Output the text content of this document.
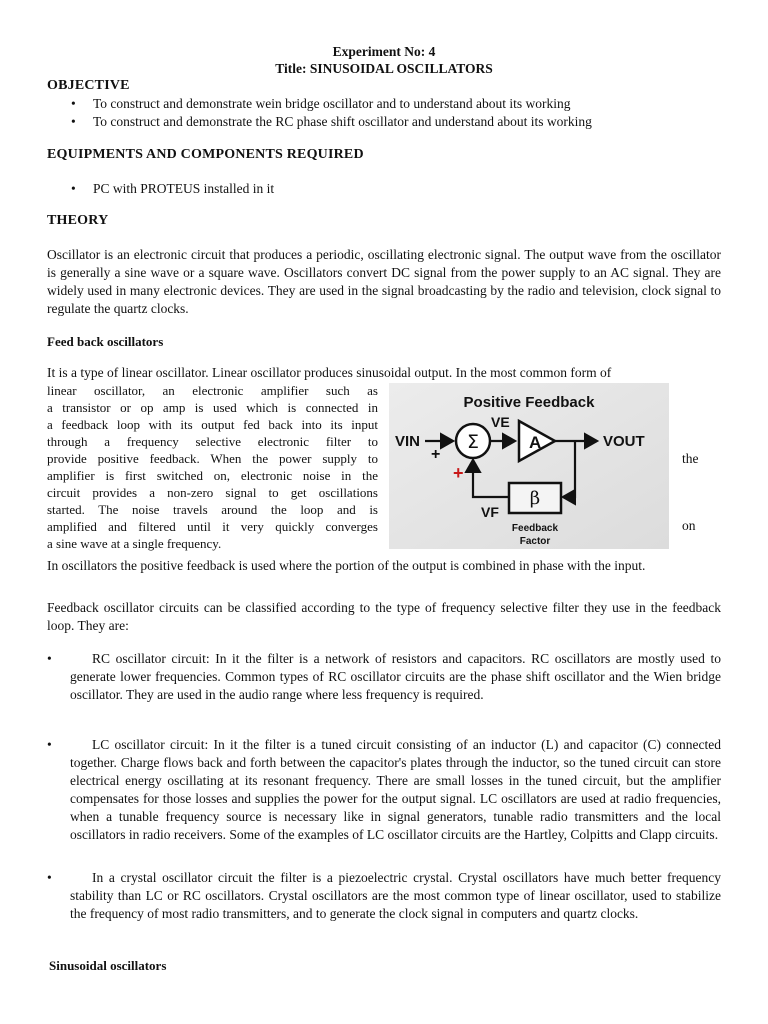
Experiment No: 4
Title: SINUSOIDAL OSCILLATORS
OBJECTIVE
• To construct and demonstrate wein bridge oscillator and to understand about its working
• To construct and demonstrate the RC phase shift oscillator and understand about its working
EQUIPMENTS AND COMPONENTS REQUIRED
• PC with PROTEUS installed in it
THEORY
Oscillator is an electronic circuit that produces a periodic, oscillating electronic signal. The output wave from the oscillator is generally a sine wave or a square wave. Oscillators convert DC signal from the power supply to an AC signal. They are widely used in many electronic devices. They are used in the signal broadcasting by the radio and television, clock signal to regulate the quartz clocks.
Feed back oscillators
It is a type of linear oscillator. Linear oscillator produces sinusoidal output. In the most common form of
linear oscillator, an electronic amplifier such as
a transistor or op amp is used which is connected in
a feedback loop with its output fed back into its input
through a frequency selective electronic filter to
provide positive feedback. When the power supply to
amplifier is first switched on, electronic noise in the
circuit provides a non-zero signal to get oscillations
started. The noise travels around the loop and is
amplified and filtered until it very quickly converges
a sine wave at a single frequency.
the
on
Positive Feedback
VIN
+
Σ
VE
A	VOUT
β
+
VF
Feedback
Factor
In oscillators the positive feedback is used where the portion of the output is combined in phase with the input.
Feedback oscillator circuits can be classified according to the type of frequency selective filter they use in the feedback loop. They are:
•	RC oscillator circuit: In it the filter is a network of resistors and capacitors. RC oscillators are mostly used to generate lower frequencies. Common types of RC oscillator circuits are the phase shift oscillator and the Wien bridge oscillator. They are used in the audio range where less frequency is required.
•	LC oscillator circuit: In it the filter is a tuned circuit consisting of an inductor (L) and capacitor (C) connected together. Charge flows back and forth between the capacitor's plates through the inductor, so the tuned circuit can store electrical energy oscillating at its resonant frequency. There are small losses in the tuned circuit, but the amplifier compensates for those losses and supplies the power for the output signal. LC oscillators are used at radio frequencies, when a tunable frequency source is necessary like in signal generators, tunable radio transmitters and the local oscillators in radio receivers. Some of the examples of LC oscillator circuits are the Hartley, Colpitts and Clapp circuits.
•	In a crystal oscillator circuit the filter is a piezoelectric crystal. Crystal oscillators have much better frequency stability than LC or RC oscillators. Crystal oscillators are the most common type of linear oscillator, used to stabilize the frequency of most radio transmitters, and to generate the clock signal in computers and quartz clocks.
Sinusoidal oscillators
